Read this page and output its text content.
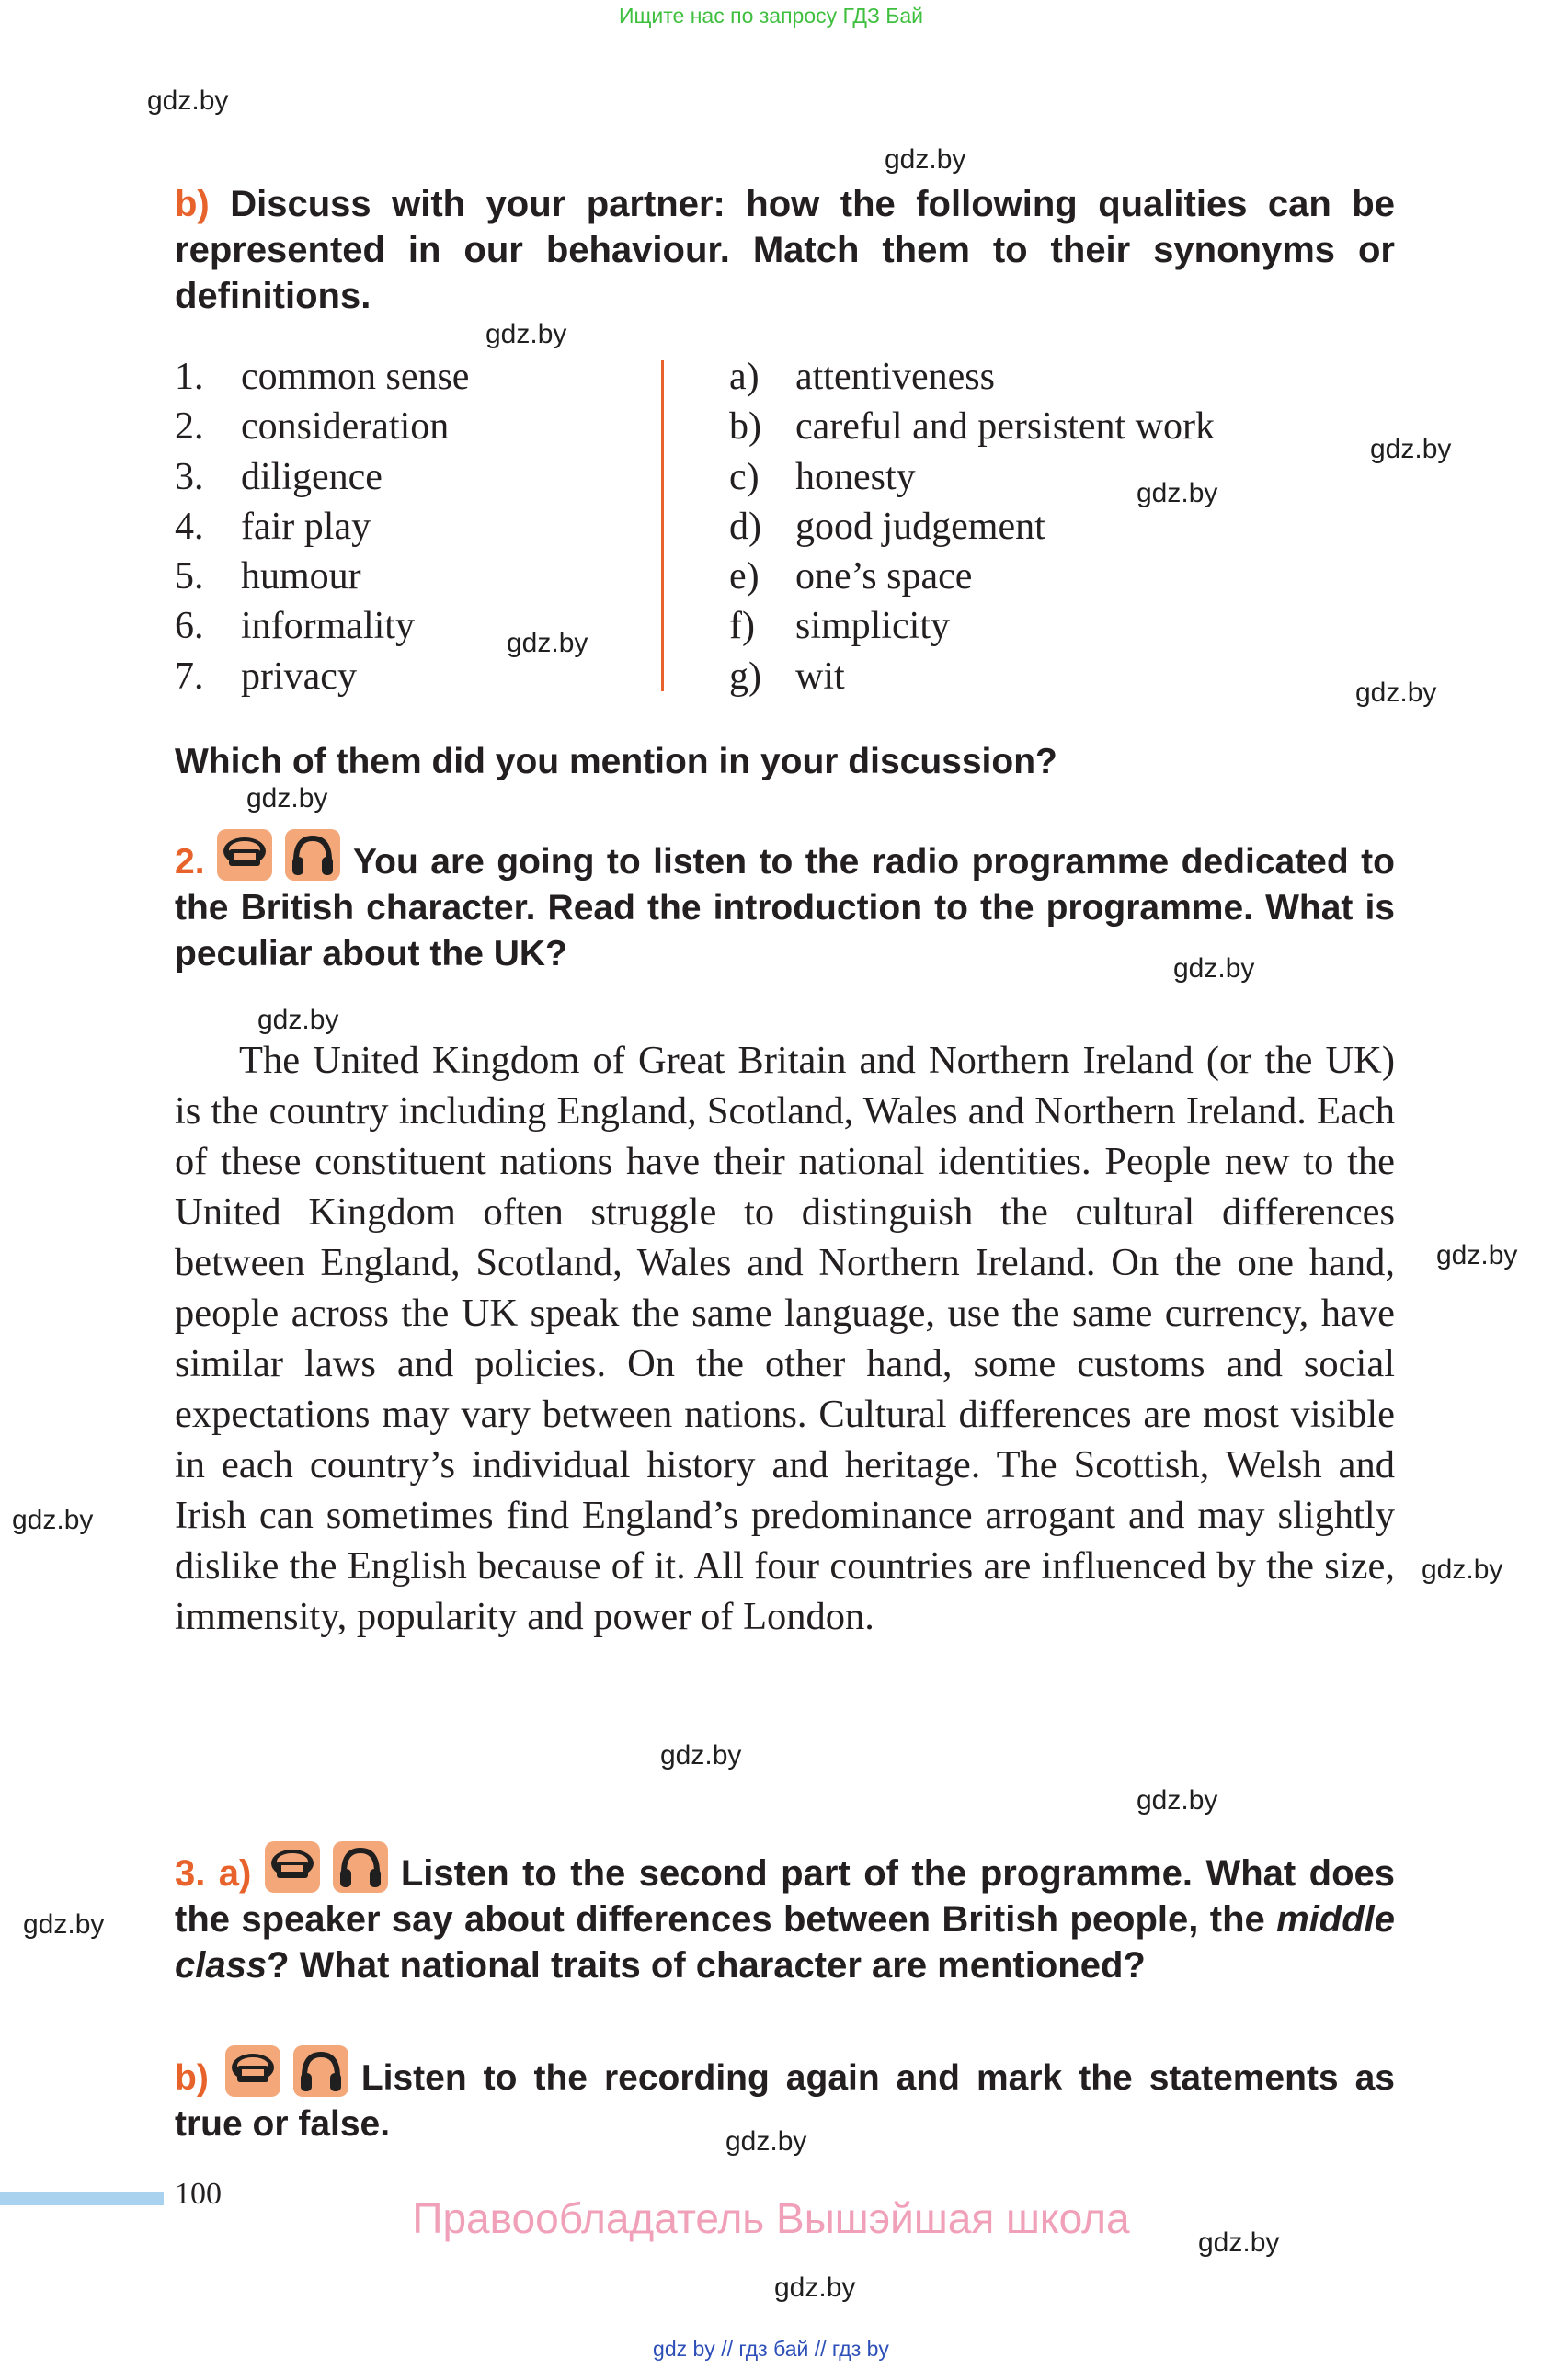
Ищите нас по запросу ГДЗ Бай
gdz.by
gdz.by
gdz.by
gdz.by
gdz.by
gdz.by
gdz.by
gdz.by
gdz.by
gdz.by
gdz.by
gdz.by
gdz.by
gdz.by
gdz.by
gdz.by
gdz.by
gdz.by
gdz.by
b) Discuss with your partner: how the following qualities can be represented in our behaviour. Match them to their synonyms or definitions.
1. common sense
2. consideration
3. diligence
4. fair play
5. humour
6. informality
7. privacy
a) attentiveness
b) careful and persistent work
c) honesty
d) good judgement
e) one’s space
f)	simplicity
g) wit
Which of them did you mention in your discussion?
2.	You are going to listen to the radio programme dedicated to the British character. Read the introduction to the programme. What is peculiar about the UK?

The United Kingdom of Great Britain and Northern Ireland (or the UK) is the country including England, Scotland, Wales and Northern Ireland. Each of these constituent nations have their national identities. People new to the United Kingdom often struggle to distinguish the cultural differences between England, Scotland, Wales and Northern Ireland. On the one hand, people across the UK speak the same language, use the same currency, have similar laws and policies. On the other hand, some customs and social expectations may vary between nations. Cultural differences are most visible in each country’s individual history and heritage. The Scottish, Welsh and Irish can sometimes find England’s predominance arrogant and may slightly dislike the English because of it. All four countries are influenced by the size, immensity, popularity and power of London.

3. a)	Listen to the second part of the programme. What does the speaker say about differences between British people, the middle class? What national traits of character are mentioned?
b)	Listen to the recording again and mark the statements as true or false.
100
Правообладатель Вышэйшая школа
gdz by // гдз бай // гдз by
